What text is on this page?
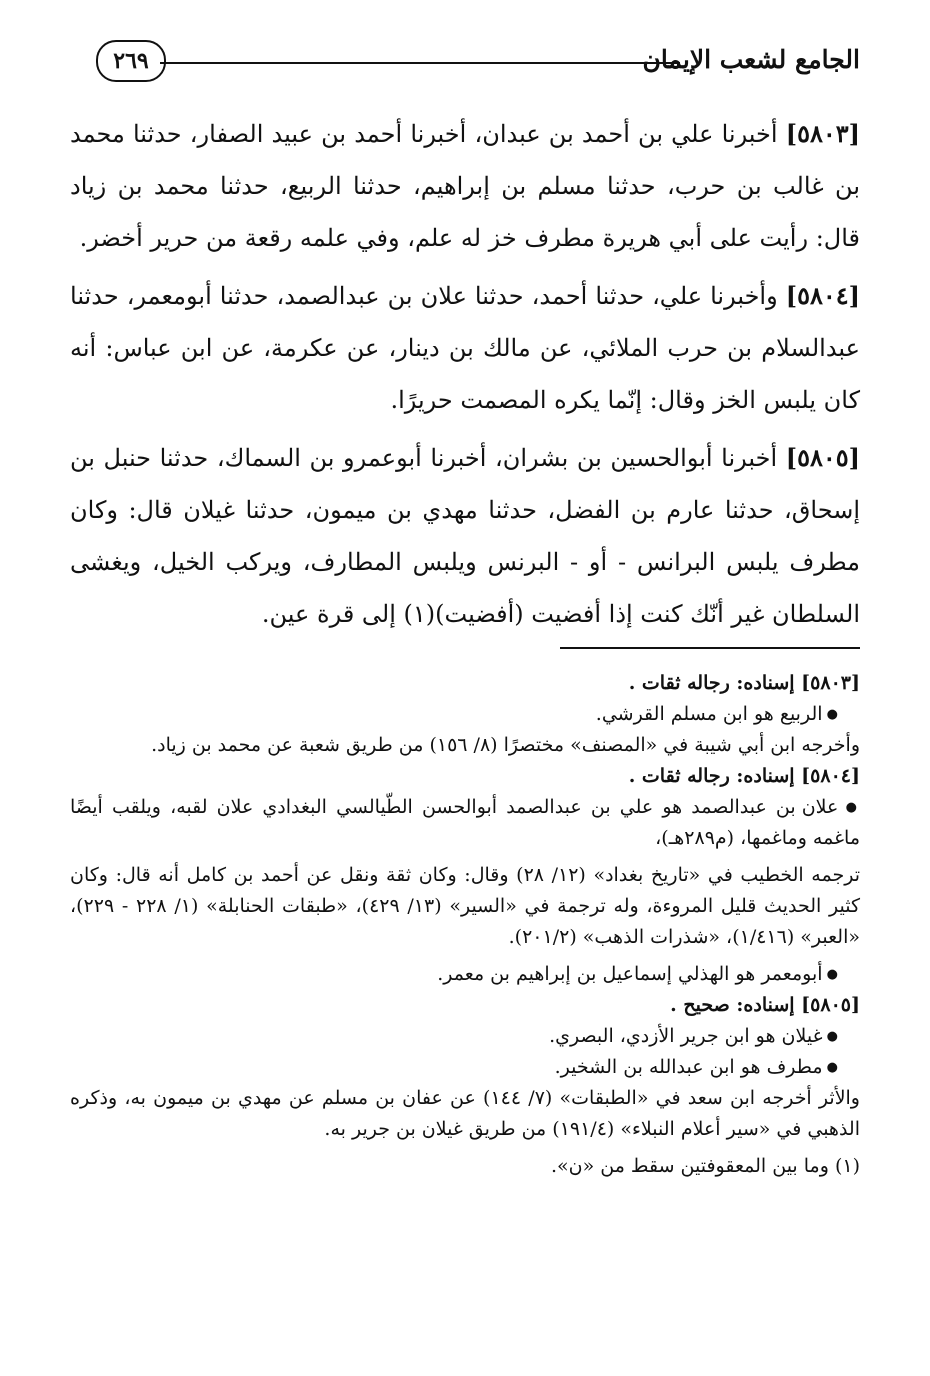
الجامع لشعب الإيمان
٢٦٩

[٥٨٠٣] أخبرنا علي بن أحمد بن عبدان، أخبرنا أحمد بن عبيد الصفار، حدثنا محمد بن غالب بن حرب، حدثنا مسلم بن إبراهيم، حدثنا الربيع، حدثنا محمد بن زياد قال: رأيت على أبي هريرة مطرف خز له علم، وفي علمه رقعة من حرير أخضر.

[٥٨٠٤] وأخبرنا علي، حدثنا أحمد، حدثنا علان بن عبدالصمد، حدثنا أبومعمر، حدثنا عبدالسلام بن حرب الملائي، عن مالك بن دينار، عن عكرمة، عن ابن عباس: أنه كان يلبس الخز وقال: إنّما يكره المصمت حريرًا.

[٥٨٠٥] أخبرنا أبوالحسين بن بشران، أخبرنا أبوعمرو بن السماك، حدثنا حنبل بن إسحاق، حدثنا عارم بن الفضل، حدثنا مهدي بن ميمون، حدثنا غيلان قال: وكان مطرف يلبس البرانس - أو - البرنس ويلبس المطارف، ويركب الخيل، ويغشى السلطان غير أنّك كنت إذا أفضيت (أفضيت)(١) إلى قرة عين.

[٥٨٠٣] إسناده: رجاله ثقات .

● الربيع هو ابن مسلم القرشي.

وأخرجه ابن أبي شيبة في «المصنف» مختصرًا (٨/ ١٥٦) من طريق شعبة عن محمد بن زياد.

[٥٨٠٤] إسناده: رجاله ثقات .

● علان بن عبدالصمد هو علي بن عبدالصمد أبوالحسن الطّيالسي البغدادي علان لقبه، ويلقب أيضًا ماغمه وماغمها، (م٢٨٩هـ)،

ترجمه الخطيب في «تاريخ بغداد» (١٢/ ٢٨) وقال: وكان ثقة ونقل عن أحمد بن كامل أنه قال: وكان كثير الحديث قليل المروءة، وله ترجمة في «السير» (١٣/ ٤٢٩)، «طبقات الحنابلة» (١/ ٢٢٨ - ٢٢٩)، «العبر» (١/٤١٦)، «شذرات الذهب» (٢٠١/٢).

● أبومعمر هو الهذلي إسماعيل بن إبراهيم بن معمر.

[٥٨٠٥] إسناده: صحيح .

● غيلان هو ابن جرير الأزدي، البصري.

● مطرف هو ابن عبدالله بن الشخير.

والأثر أخرجه ابن سعد في «الطبقات» (٧/ ١٤٤) عن عفان بن مسلم عن مهدي بن ميمون به، وذكره الذهبي في «سير أعلام النبلاء» (١٩١/٤) من طريق غيلان بن جرير به.

(١) وما بين المعقوفتين سقط من «ن».
